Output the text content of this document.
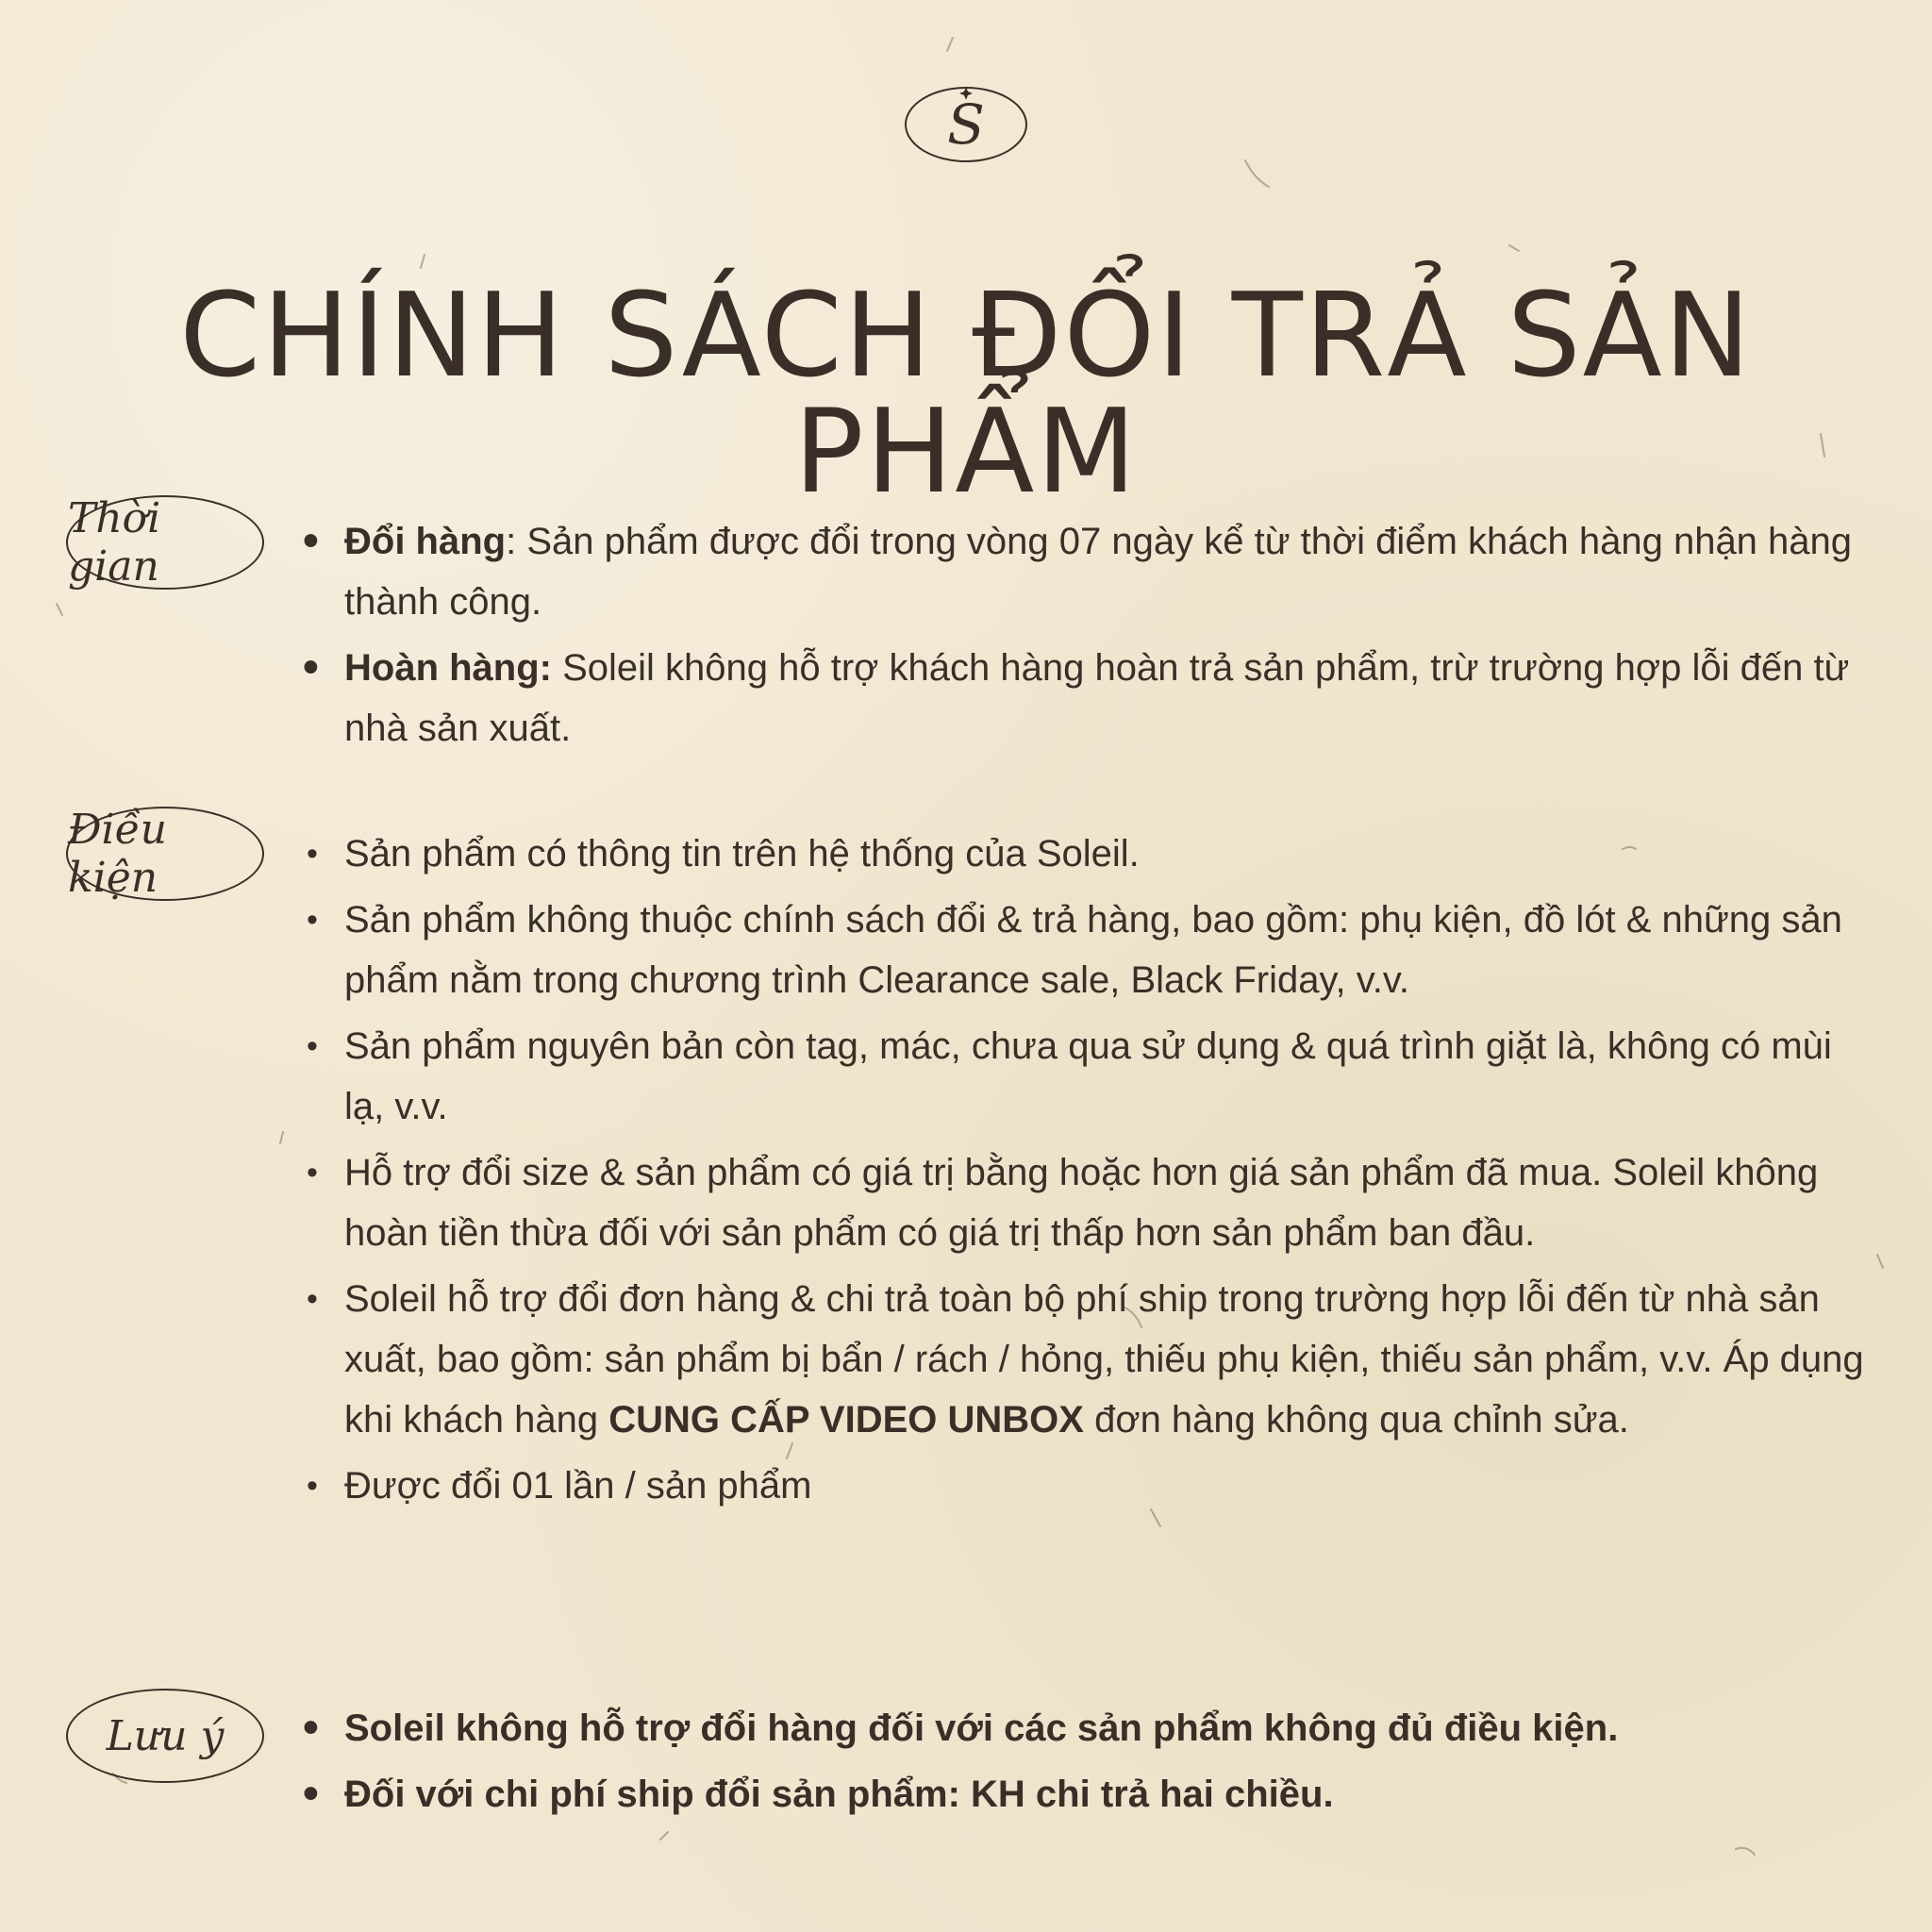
S
CHÍNH SÁCH ĐỔI TRẢ SẢN PHẨM
Thời gian
• Đổi hàng: Sản phẩm được đổi trong vòng 07 ngày kể từ thời điểm khách hàng nhận hàng thành công.
• Hoàn hàng: Soleil không hỗ trợ khách hàng hoàn trả sản phẩm, trừ trường hợp lỗi đến từ nhà sản xuất.
Điều kiện	• Sản phẩm có thông tin trên hệ thống của Soleil.
• Sản phẩm không thuộc chính sách đổi & trả hàng, bao gồm: phụ kiện, đồ lót & những sản phẩm nằm trong chương trình Clearance sale, Black Friday, v.v.
• Sản phẩm nguyên bản còn tag, mác, chưa qua sử dụng & quá trình giặt là, không có mùi lạ, v.v.
• Hỗ trợ đổi size & sản phẩm có giá trị bằng hoặc hơn giá sản phẩm đã mua. Soleil không hoàn tiền thừa đối với sản phẩm có giá trị thấp hơn sản phẩm ban đầu.
• Soleil hỗ trợ đổi đơn hàng & chi trả toàn bộ phí ship trong trường hợp lỗi đến từ nhà sản xuất, bao gồm: sản phẩm bị bẩn / rách / hỏng, thiếu phụ kiện, thiếu sản phẩm, v.v. Áp dụng khi khách hàng CUNG CẤP VIDEO UNBOX đơn hàng không qua chỉnh sửa.
• Được đổi 01 lần / sản phẩm
Lưu ý	• Soleil không hỗ trợ đổi hàng đối với các sản phẩm không đủ điều kiện.
• Đối với chi phí ship đổi sản phẩm: KH chi trả hai chiều.
